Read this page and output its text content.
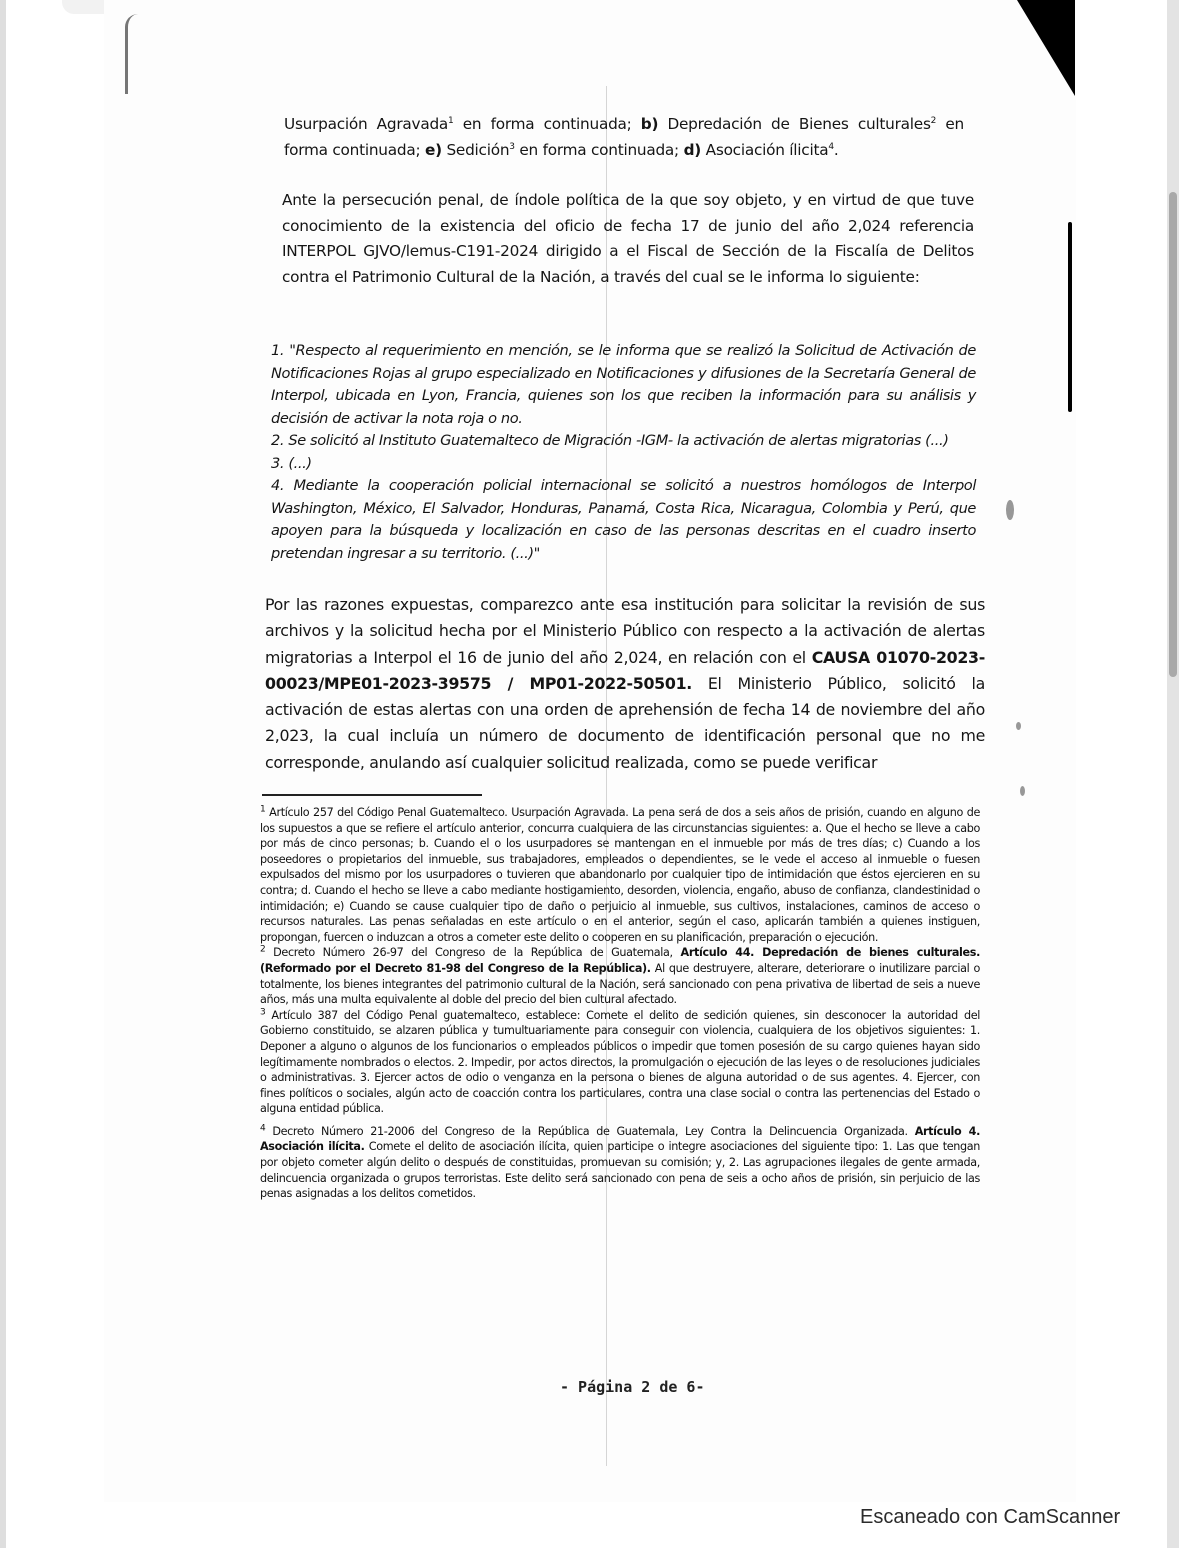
Usurpación Agravada$^1$ en forma continuada; b) Depredación de Bienes culturales$^2$ en forma continuada; e) Sedición$^3$ en forma continuada; d) Asociación ílicita$^4$.
Ante la persecución penal, de índole política de la que soy objeto, y en virtud de que tuve conocimiento de la existencia del oficio de fecha 17 de junio del año 2,024 referencia INTERPOL GJVO/lemus-C191-2024 dirigido a el Fiscal de Sección de la Fiscalía de Delitos contra el Patrimonio Cultural de la Nación, a través del cual se le informa lo siguiente:

1. "Respecto al requerimiento en mención, se le informa que se realizó la Solicitud de Activación de Notificaciones Rojas al grupo especializado en Notificaciones y difusiones de la Secretaría General de Interpol, ubicada en Lyon, Francia, quienes son los que reciben la información para su análisis y decisión de activar la nota roja o no.

2. Se solicitó al Instituto Guatemalteco de Migración -IGM- la activación de alertas migratorias (...)

3. (...)

4. Mediante la cooperación policial internacional se solicitó a nuestros homólogos de Interpol Washington, México, El Salvador, Honduras, Panamá, Costa Rica, Nicaragua, Colombia y Perú, que apoyen para la búsqueda y localización en caso de las personas descritas en el cuadro inserto pretendan ingresar a su territorio. (...)"

Por las razones expuestas, comparezco ante esa institución para solicitar la revisión de sus archivos y la solicitud hecha por el Ministerio Público con respecto a la activación de alertas migratorias a Interpol el 16 de junio del año 2,024, en relación con el CAUSA 01070-2023-00023/MPE01-2023-39575 / MP01-2022-50501. El Ministerio Público, solicitó la activación de estas alertas con una orden de aprehensión de fecha 14 de noviembre del año 2,023, la cual incluía un número de documento de identificación personal que no me corresponde, anulando así cualquier solicitud realizada, como se puede verificar

$^1$ Artículo 257 del Código Penal Guatemalteco. Usurpación Agravada. La pena será de dos a seis años de prisión, cuando en alguno de los supuestos a que se refiere el artículo anterior, concurra cualquiera de las circunstancias siguientes: a. Que el hecho se lleve a cabo por más de cinco personas; b. Cuando el o los usurpadores se mantengan en el inmueble por más de tres días; c) Cuando a los poseedores o propietarios del inmueble, sus trabajadores, empleados o dependientes, se le vede el acceso al inmueble o fuesen expulsados del mismo por los usurpadores o tuvieren que abandonarlo por cualquier tipo de intimidación que éstos ejercieren en su contra; d. Cuando el hecho se lleve a cabo mediante hostigamiento, desorden, violencia, engaño, abuso de confianza, clandestinidad o intimidación; e) Cuando se cause cualquier tipo de daño o perjuicio al inmueble, sus cultivos, instalaciones, caminos de acceso o recursos naturales. Las penas señaladas en este artículo o en el anterior, según el caso, aplicarán también a quienes instiguen, propongan, fuercen o induzcan a otros a cometer este delito o cooperen en su planificación, preparación o ejecución.

$^2$ Decreto Número 26-97 del Congreso de la República de Guatemala, Artículo 44. Depredación de bienes culturales. (Reformado por el Decreto 81-98 del Congreso de la República). Al que destruyere, alterare, deteriorare o inutilizare parcial o totalmente, los bienes integrantes del patrimonio cultural de la Nación, será sancionado con pena privativa de libertad de seis a nueve años, más una multa equivalente al doble del precio del bien cultural afectado.

$^3$ Artículo 387 del Código Penal guatemalteco, establece: Comete el delito de sedición quienes, sin desconocer la autoridad del Gobierno constituido, se alzaren pública y tumultuariamente para conseguir con violencia, cualquiera de los objetivos siguientes: 1. Deponer a alguno o algunos de los funcionarios o empleados públicos o impedir que tomen posesión de su cargo quienes hayan sido legítimamente nombrados o electos. 2. Impedir, por actos directos, la promulgación o ejecución de las leyes o de resoluciones judiciales o administrativas. 3. Ejercer actos de odio o venganza en la persona o bienes de alguna autoridad o de sus agentes. 4. Ejercer, con fines políticos o sociales, algún acto de coacción contra los particulares, contra una clase social o contra las pertenencias del Estado o alguna entidad pública.

$^4$ Decreto Número 21-2006 del Congreso de la República de Guatemala, Ley Contra la Delincuencia Organizada. Artículo 4. Asociación ilícita. Comete el delito de asociación ilícita, quien participe o integre asociaciones del siguiente tipo: 1. Las que tengan por objeto cometer algún delito o después de constituidas, promuevan su comisión; y, 2. Las agrupaciones ilegales de gente armada, delincuencia organizada o grupos terroristas. Este delito será sancionado con pena de seis a ocho años de prisión, sin perjuicio de las penas asignadas a los delitos cometidos.

- Página 2 de 6-
Escaneado con CamScanner
